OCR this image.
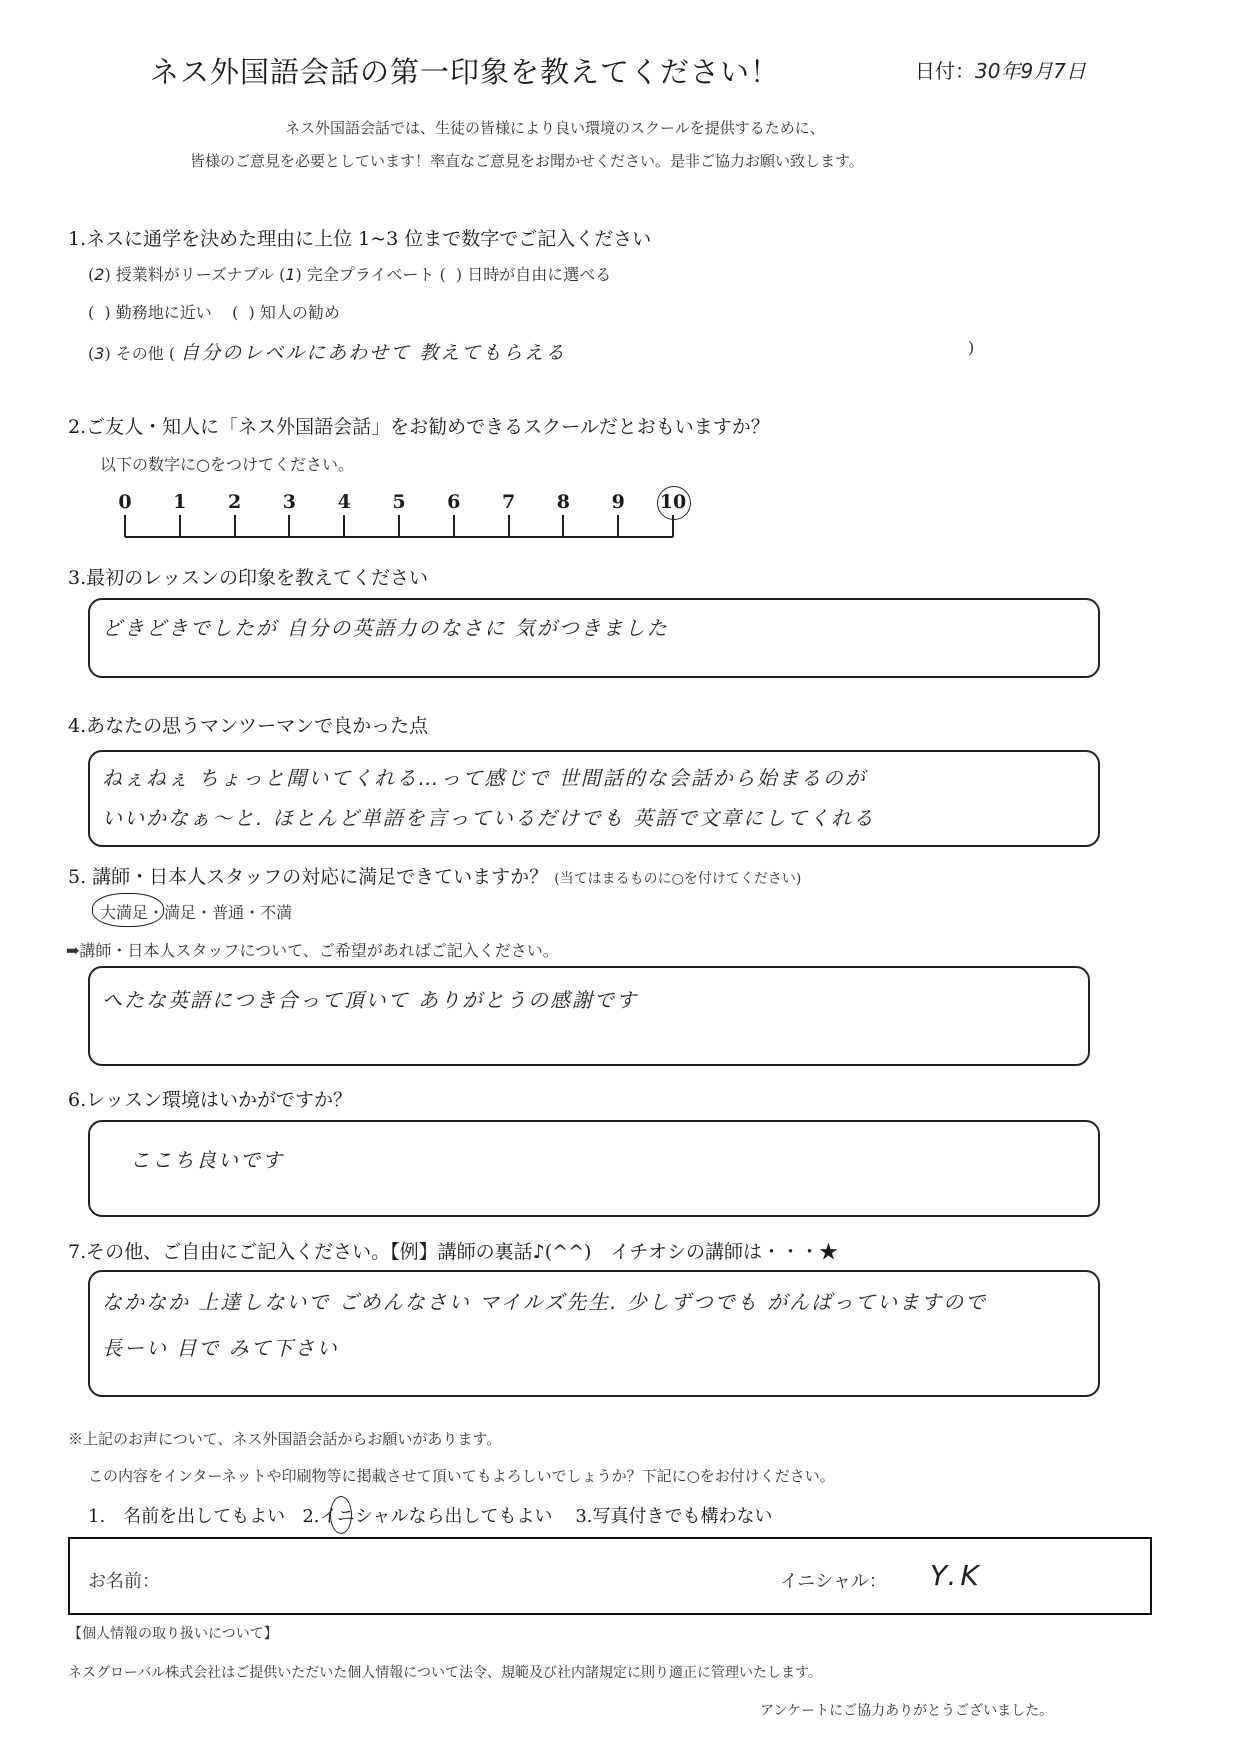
ネス外国語会話の第一印象を教えてください！	日付：30年9月7日
ネス外国語会話では、生徒の皆様により良い環境のスクールを提供するために、
皆様のご意見を必要としています！率直なご意見をお聞かせください。是非ご協力お願い致します。
1.ネスに通学を決めた理由に上位 1~3 位まで数字でご記入ください
(2) 授業料がリーズナブル (1) 完全プライベート (  ) 日時が自由に選べる
(  ) 勤務地に近い (  ) 知人の勧め
(3) その他 ( 自分のレベルにあわせて 教えてもらえる	)
2.ご友人・知人に「ネス外国語会話」をお勧めできるスクールだとおもいますか？
以下の数字に○をつけてください。
0	1	2	3	4	5	6	7	8	9	10
3.最初のレッスンの印象を教えてください
どきどきでしたが 自分の英語力のなさに 気がつきました
4.あなたの思うマンツーマンで良かった点
ねぇねぇ ちょっと聞いてくれる…って感じで 世間話的な会話から始まるのが
いいかなぁ～と. ほとんど単語を言っているだけでも 英語で文章にしてくれる
5. 講師・日本人スタッフの対応に満足できていますか？ (当てはまるものに○を付けてください)
大満足・満足・普通・不満
➡講師・日本人スタッフについて、ご希望があればご記入ください。
へたな英語につき合って頂いて ありがとうの感謝です
6.レッスン環境はいかがですか？
ここち良いです
7.その他、ご自由にご記入ください。【例】講師の裏話♪(^^)　イチオシの講師は・・・★
なかなか 上達しないで ごめんなさい マイルズ先生. 少しずつでも がんばっていますので
長ーい 目で みて下さい
※上記のお声について、ネス外国語会話からお願いがあります。
この内容をインターネットや印刷物等に掲載させて頂いてもよろしいでしょうか？下記に○をお付けください。
1.　名前を出してもよい 2.イニシャルなら出してもよい 3.写真付きでも構わない
お名前：	イニシャル： Y.K
【個人情報の取り扱いについて】
ネスグローバル株式会社はご提供いただいた個人情報について法令、規範及び社内諸規定に則り適正に管理いたします。
アンケートにご協力ありがとうございました。
